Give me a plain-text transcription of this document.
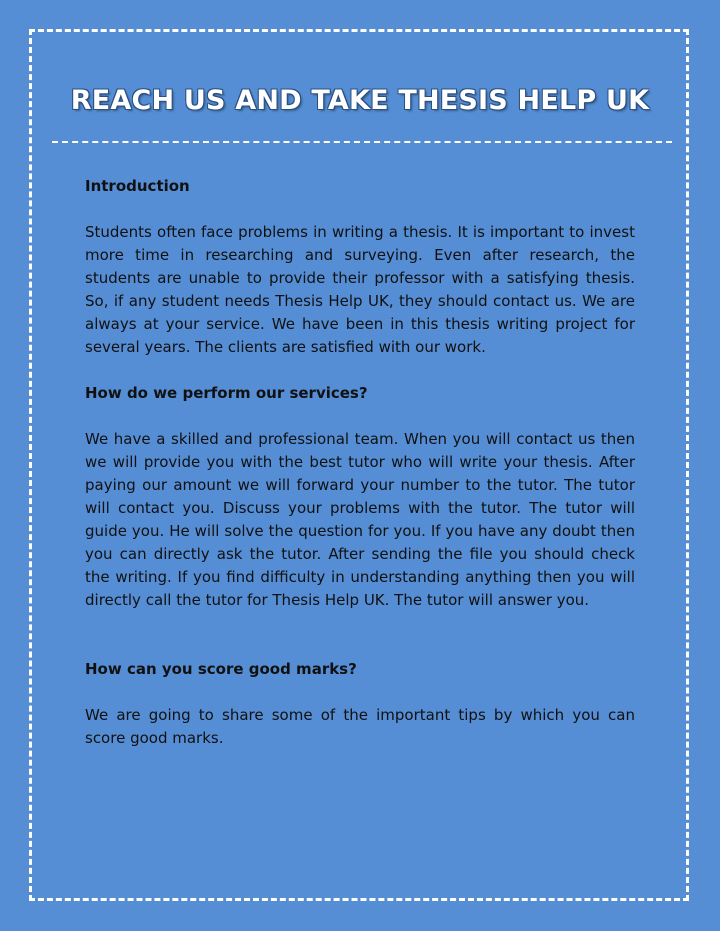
REACH US AND TAKE THESIS HELP UK

Introduction

Students often face problems in writing a thesis. It is important to invest more time in researching and surveying. Even after research, the students are unable to provide their professor with a satisfying thesis. So, if any student needs Thesis Help UK, they should contact us. We are always at your service. We have been in this thesis writing project for several years. The clients are satisfied with our work.

How do we perform our services?

We have a skilled and professional team. When you will contact us then we will provide you with the best tutor who will write your thesis. After paying our amount we will forward your number to the tutor. The tutor will contact you. Discuss your problems with the tutor. The tutor will guide you. He will solve the question for you. If you have any doubt then you can directly ask the tutor. After sending the file you should check the writing. If you find difficulty in understanding anything then you will directly call the tutor for Thesis Help UK. The tutor will answer you.

How can you score good marks?

We are going to share some of the important tips by which you can score good marks.
